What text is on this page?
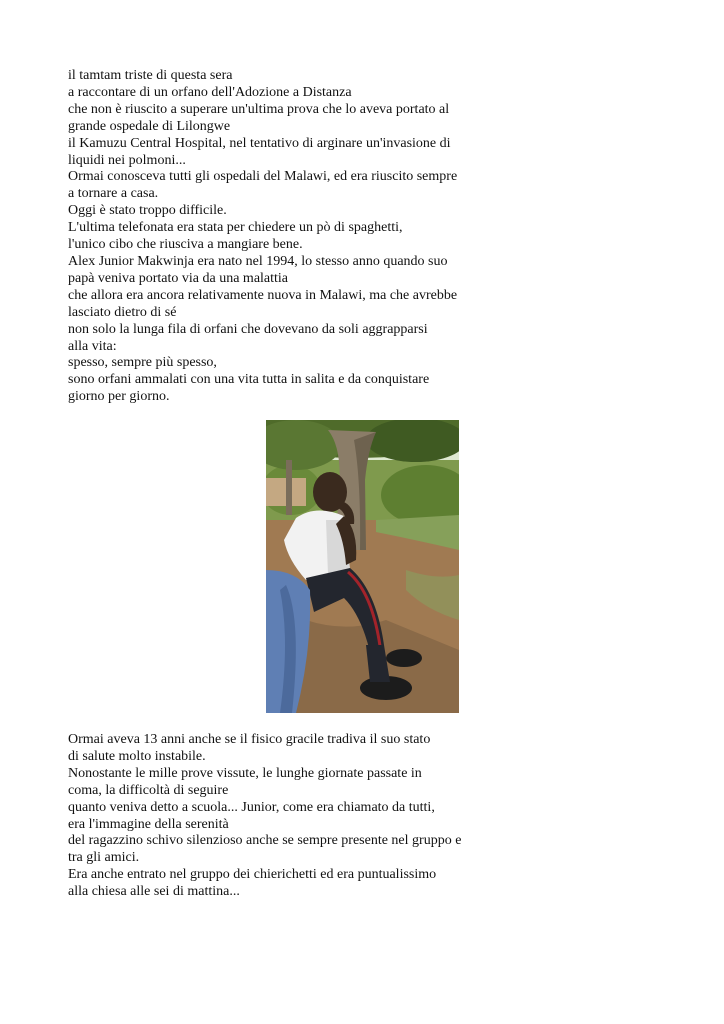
il tamtam triste di questa sera
a raccontare di un orfano dell'Adozione a Distanza
che non è riuscito a superare un'ultima prova che lo aveva portato al
grande ospedale di Lilongwe
il Kamuzu Central Hospital, nel tentativo di arginare un'invasione di
liquidi nei polmoni...
Ormai conosceva tutti gli ospedali del Malawi, ed era riuscito sempre
a tornare a casa.
Oggi è stato troppo difficile.
L'ultima telefonata era stata per chiedere un pò di spaghetti,
l'unico cibo che riusciva a mangiare bene.
Alex Junior Makwinja era nato nel 1994, lo stesso anno quando suo
papà veniva portato via da una malattia
che allora era ancora relativamente nuova in Malawi, ma che avrebbe
lasciato dietro di sé
non solo la lunga fila di orfani che dovevano da soli aggrapparsi
alla vita:
spesso, sempre più spesso,
sono orfani ammalati con una vita tutta in salita e da conquistare
giorno per giorno.
Ormai aveva 13 anni anche se il fisico gracile tradiva il suo stato
di salute molto instabile.
Nonostante le mille prove vissute, le lunghe giornate passate in
coma, la difficoltà di seguire
quanto veniva detto a scuola... Junior, come era chiamato da tutti,
era l'immagine della serenità
del ragazzino schivo silenzioso anche se sempre presente nel gruppo e
tra gli amici.
Era anche entrato nel gruppo dei chierichetti ed era puntualissimo
alla chiesa alle sei di mattina...
